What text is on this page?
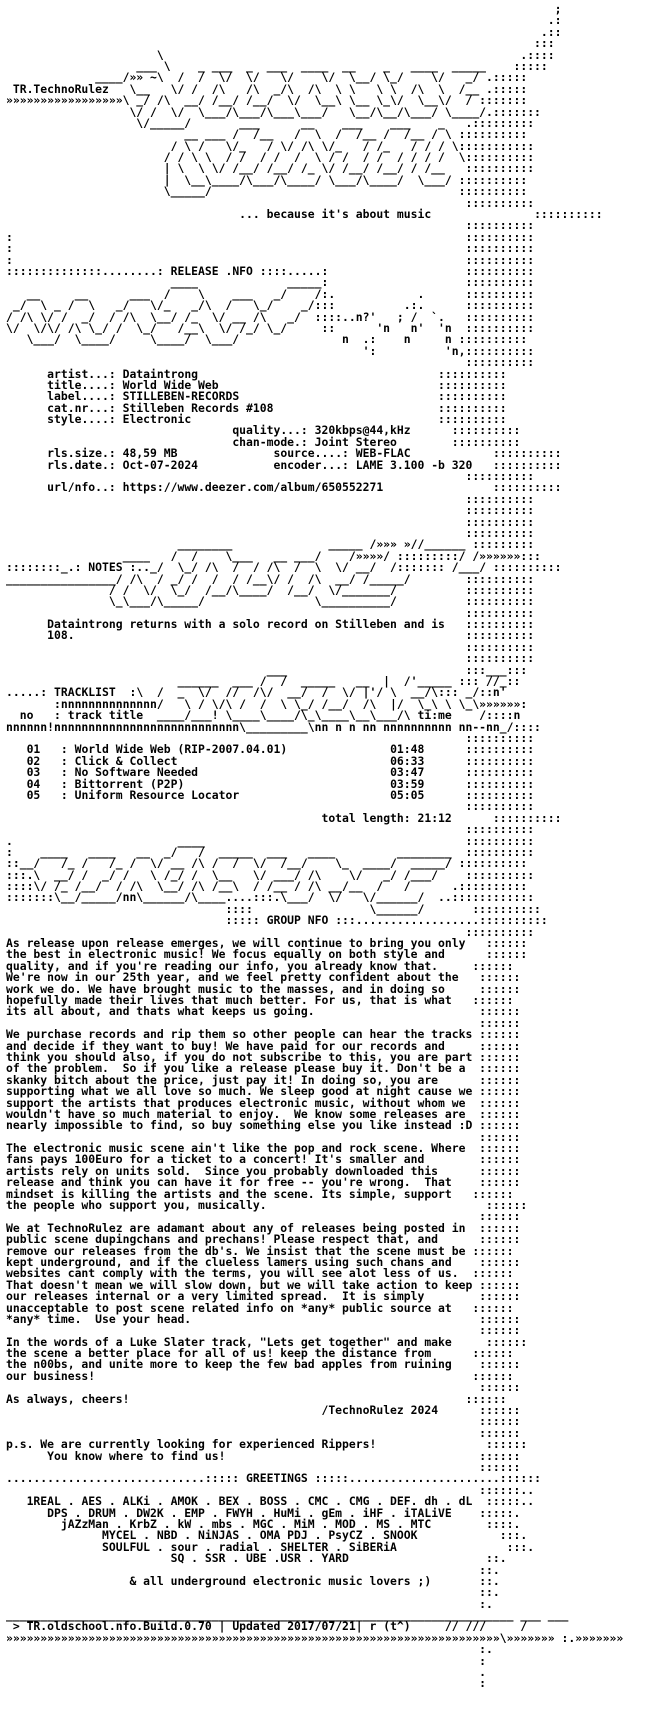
;
.:
.::
:::
\                                                    .::::
___ \    _ ___  _  ___  ____  __    _   ____  _____    :::::
____/»» ~\  /  /  \/  \/   \/    \/  \__/ \_/    \/   _/ .:::::
TR.TechnoRulez   \__   \/ /  /\   /\  _/\  /\  \ \   \ \  /\  \  /__ .:::::
»»»»»»»»»»»»»»»»»\ _/ /\  __/ /__/ /__/  \/  \__\ \__ \_\/  \__\/  / :::::::
\/ /  \/  \___/\___/\___\___/   \__/\__/\___/ \____/.:::::::
\/_____/       ___      __    ___    ___    _   .:::::::::
__ ___ /  /__   /  \  /  /__ /  /__ / \ ::::::::::
/ \ /   \/_   / \/ /\ \/_   / /_   / / / \:::::::::::
/ / \ \  / /  / /  /  \ / /  / /  / / / /  \::::::::::
| \  \ \/ /__/ /__/ /_ \/ /__/ /__/ / /__   ::::::::::
|  \__\____/\___/\____/ \___/\____/  \___/ ::::::::::
\_____/                                    ::::::::::
::::::::::
... because it's about music               ::::::::::
::::::::::
:                                                                  ::::::::::
:                                                                  ::::::::::
:                                                                  ::::::::::
::::::::::::::........: RELEASE .NFO ::::.....:                    ::::::::::
____             _____:                    ::::::::::
__     __      ___  /    \    ___   _/    /:.            .      ::::::::::
_/  \ _ /  \   _/   \/_   _/\  /   \_/    _/:::          .:.      ::::::::::
/ /\ \/ /  _/  / /\  \__/ /_  \/ __ /\   _/  ::::..n?'   ; /  `.   ::::::::::
\/  \/\/ /\ \_/ /  \_/   /__\  \/ /_/ \_/     ::      'n   n'  'n  ::::::::::
\___/  \____/     \____/  \___/               n  .:    n     n ::::::::::
':          'n,::::::::::
::::::::::
artist...: Dataintrong                                   ::::::::::
title....: World Wide Web                                ::::::::::
label....: STILLEBEN-RECORDS                             ::::::::::
cat.nr...: Stilleben Records #108                        ::::::::::
style....: Electronic                                    ::::::::::
quality...: 320kbps@44,kHz      ::::::::::
chan-mode.: Joint Stereo        ::::::::::
rls.size.: 48,59 MB	source....: WEB-FLAC            ::::::::::
rls.date.: Oct-07-2024	encoder...: LAME 3.100 -b 320   ::::::::::
::::::::::
url/nfo..: https://www.deezer.com/album/650552271                ::::::::::
::::::::::
::::::::::
::::::::::
::::::::::
________              _____ /»»» »//______ :::::::::
____   /  /    \___   __ ___/    /»»»»/ :::::::::/ /»»»»»»:::
::::::::_.: NOTES :.._/  \_/ /\  /  / /\  /  \  \/ __/  /::::::: /___/ ::::::::::
________________/ /\  / _/ /  /  / /__\/ /  /\  __/ /_____/        ::::::::::
/ /  \/  \_/  /__/\____/  /__/  \/_______/          ::::::::::
\_\___/\_____/                \__________/          ::::::::::
::::::::::
Dataintrong returns with a solo record on Stilleben and is   ::::::::::
108.                                                         ::::::::::
::::::::::
::::::::::
___                          :::___:::
______  ___ /  /  _____   __  |  /'_____ ::: //_::
.....: TRACKLIST  :\  /  _  \/  //  /\/  __/  /  \/ |'/ \  __/\::: _/::n'
:nnnnnnnnnnnnnn/   \ / \/\ /  /  \ \_/ /__/  /\  |/  \_\ \ \_\»»»»»»:
no   : track title  ____/___! \____\____/\_\____\__\___/\ ti:me    /::::n
nnnnnn!nnnnnnnnnnnnnnnnnnnnnnnnnnn\_________\nn n n nn nnnnnnnnnn nn--nn_/::::
::::::::::
01   : World Wide Web (RIP-2007.04.01)	01:48      ::::::::::
02   : Click & Collect	06:33      ::::::::::
03   : No Software Needed	03:47      ::::::::::
04   : Bittorrent (P2P)	03:59      ::::::::::
05   : Uniform Resource Locator	05:05      ::::::::::
::::::::::
total length: 21:12      ::::::::::
::::::::::
.                        ____                                      ::::::::::
:    ____   ____   __  _/   /  _____  ___   ____         ________  ::::::::::
::__/   /_ /   /_ /  \/ __ /\ /  /  \/  /__/    \_  ____/  _____/ ::::::::::
:::.\  __/ /  _/ /   \ /_/ /  \__   \/ ___/ /\    \/   _/ /___/    ::::::::::
::::\/ /_ /__/  / /\  \__/ /\ /__\  / /__ / /\ __/__  /   /      .::::::::::
:::::::\__/_____/nn\______/\____....:::.\___/  \/   \/______/  ..::::::::::::
::::                 \______/       ::::::::::
::::: GROUP NFO :::..................::::::::::
::::::::::
As release upon release emerges, we will continue to bring you only   ::::::
the best in electronic music! We focus equally on both style and      ::::::
quality, and if you're reading our info, you already know that.     ::::::
We're now in our 25th year, and we feel pretty confident about the   ::::::
work we do. We have brought music to the masses, and in doing so     ::::::
hopefully made their lives that much better. For us, that is what   ::::::
its all about, and thats what keeps us going.                        ::::::
::::::
We purchase records and rip them so other people can hear the tracks ::::::
and decide if they want to buy! We have paid for our records and     ::::::
think you should also, if you do not subscribe to this, you are part ::::::
of the problem.  So if you like a release please buy it. Don't be a  ::::::
skanky bitch about the price, just pay it! In doing so, you are      ::::::
supporting what we all love so much. We sleep good at night cause we ::::::
support the artists that produces electronic music, without whom we  ::::::
wouldn't have so much material to enjoy.  We know some releases are  ::::::
nearly impossible to find, so buy something else you like instead :D ::::::
::::::
The electronic music scene ain't like the pop and rock scene. Where  ::::::
fans pays 100Euro for a ticket to a concert! It's smaller and        ::::::
artists rely on units sold.  Since you probably downloaded this      ::::::
release and think you can have it for free -- you're wrong.  That    ::::::
mindset is killing the artists and the scene. Its simple, support   ::::::
the people who support you, musically.                                ::::::
::::::
We at TechnoRulez are adamant about any of releases being posted in  ::::::
public scene dupingchans and prechans! Please respect that, and      ::::::
remove our releases from the db's. We insist that the scene must be ::::::
kept underground, and if the clueless lamers using such chans and    ::::::
websites cant comply with the terms, you will see alot less of us.  ::::::
That doesn't mean we will slow down, but we will take action to keep ::::::
our releases internal or a very limited spread.  It is simply        ::::::
unacceptable to post scene related info on *any* public source at   ::::::
*any* time.  Use your head.                                          ::::::
::::::
In the words of a Luke Slater track, "Lets get together" and make     ::::::
the scene a better place for all of us! keep the distance from      ::::::
the n00bs, and unite more to keep the few bad apples from ruining    ::::::
our business!                                                       ::::::
::::::
As always, cheers!                                                 ::::::
/TechnoRulez 2024      ::::::
::::::
::::::
p.s. We are currently looking for experienced Rippers!                ::::::
You know where to find us!                                     ::::::
::::::
.............................::::: GREETINGS :::::......................::::::
::::::..
1REAL . AES . ALKi . AMOK . BEX . BOSS . CMC . CMG . DEF. dh . dL  :::::..
DPS . DRUM . DW2K . EMP . FWYH . HuMi . gEm . iHF . iTALiVE    :::::.
jAZzMan . KrbZ . kW . mbs . MGC . MiM . MOD . MS . MTC        ::::.
MYCEL . NBD . NiNJAS . OMA PDJ . PsyCZ . SNOOK            :::.
SOULFUL . sour . radial . SHELTER . SiBERiA                :::.
SQ . SSR . UBE .USR . YARD                    ::.
::.
& all underground electronic music lovers ;)       ::.
::.
:.
__________________________________________________________________________ ___ ___
> TR.oldschool.nfo.Build.0.70 | Updated 2017/07/21| r (t^)     // ///     /
»»»»»»»»»»»»»»»»»»»»»»»»»»»»»»»»»»»»»»»»»»»»»»»»»»»»»»»»»»»»»»»»»»»»»»»»\»»»»»»» :.»»»»»»»
:.
:
.
:
